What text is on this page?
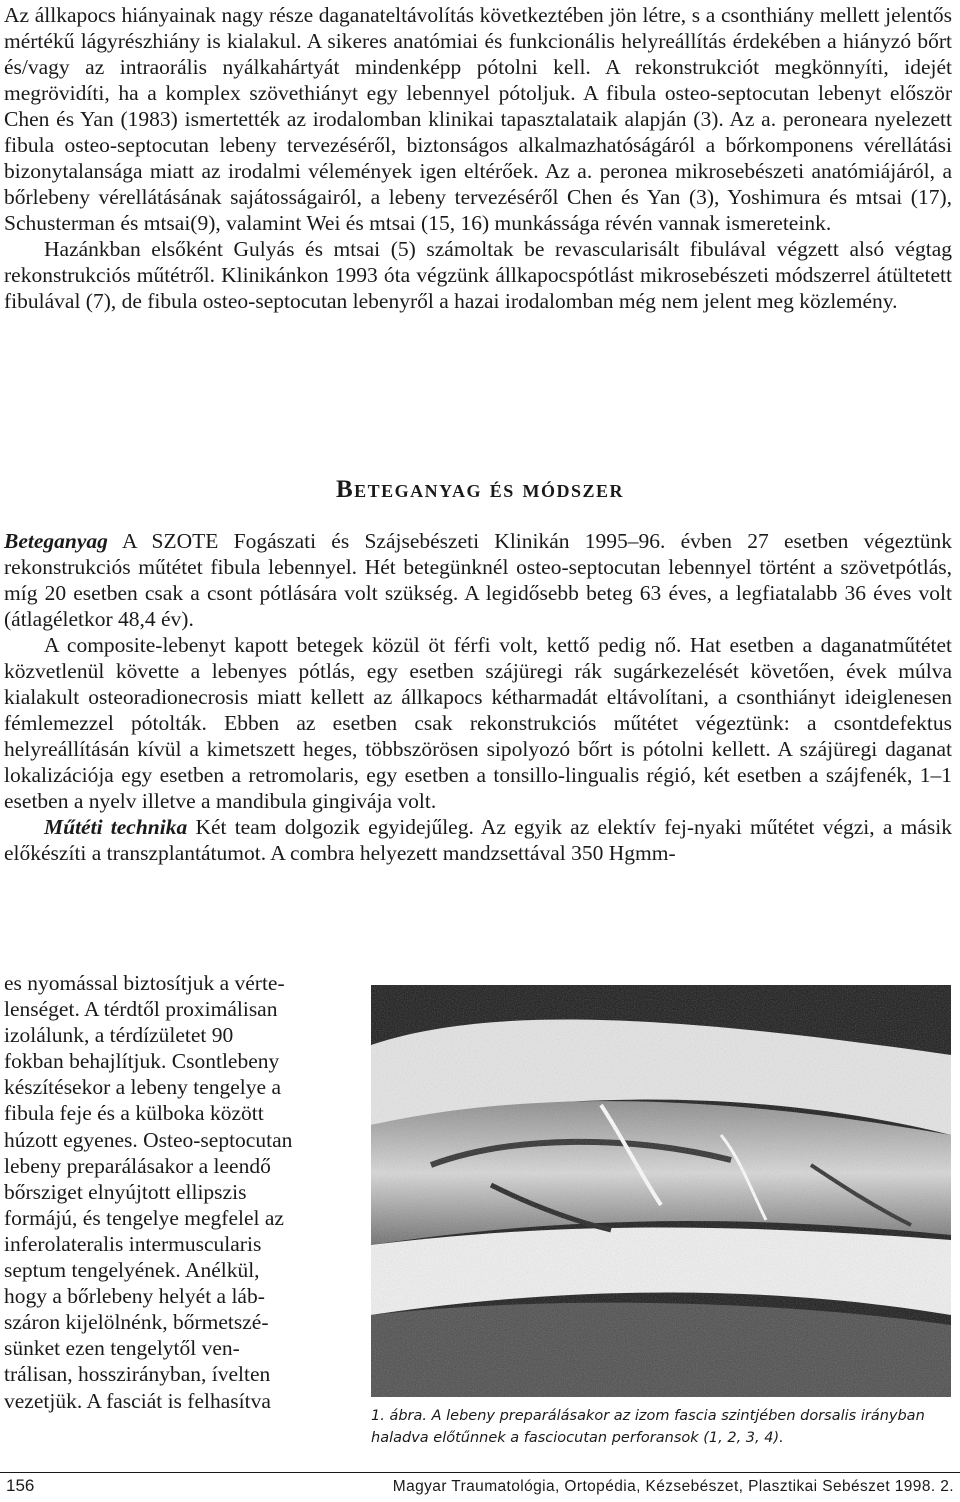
Az állkapocs hiányainak nagy része daganateltávolítás következtében jön létre, s a csonthiány mellett jelentős mértékű lágyrészhiány is kialakul. A sikeres anatómiai és funkcionális helyreállítás érdekében a hiányzó bőrt és/vagy az intraorális nyálkahártyát mindenképp pótolni kell. A rekonstrukciót megkönnyíti, idejét megrövidíti, ha a komplex szövethiányt egy lebennyel pótoljuk. A fibula osteo-septocutan lebenyt először Chen és Yan (1983) ismertették az irodalomban klinikai tapasztalataik alapján (3). Az a. peroneara nyelezett fibula osteo-septocutan lebeny tervezéséről, biztonságos alkalmazhatóságáról a bőrkomponens vérellátási bizonytalansága miatt az irodalmi vélemények igen eltérőek. Az a. peronea mikrosebészeti anatómiájáról, a bőrlebeny vérellátásának sajátosságairól, a lebeny tervezéséről Chen és Yan (3), Yoshimura és mtsai (17), Schusterman és mtsai(9), valamint Wei és mtsai (15, 16) munkássága révén vannak ismereteink.

Hazánkban elsőként Gulyás és mtsai (5) számoltak be revascularisált fibulával végzett alsó végtag rekonstrukciós műtétről. Klinikánkon 1993 óta végzünk állkapocspótlást mikrosebészeti módszerrel átültetett fibulával (7), de fibula osteo-septocutan lebenyről a hazai irodalomban még nem jelent meg közlemény.

BETEGANYAG ÉS MÓDSZER

Beteganyag A SZOTE Fogászati és Szájsebészeti Klinikán 1995–96. évben 27 esetben végeztünk rekonstrukciós műtétet fibula lebennyel. Hét betegünknél osteo-septocutan lebennyel történt a szövetpótlás, míg 20 esetben csak a csont pótlására volt szükség. A legidősebb beteg 63 éves, a legfiatalabb 36 éves volt (átlagéletkor 48,4 év).

A composite-lebenyt kapott betegek közül öt férfi volt, kettő pedig nő. Hat esetben a daganatműtétet közvetlenül követte a lebenyes pótlás, egy esetben szájüregi rák sugárkezelését követően, évek múlva kialakult osteoradionecrosis miatt kellett az állkapocs kétharmadát eltávolítani, a csonthiányt ideiglenesen fémlemezzel pótolták. Ebben az esetben csak rekonstrukciós műtétet végeztünk: a csontdefektus helyreállításán kívül a kimetszett heges, többszörösen sipolyozó bőrt is pótolni kellett. A szájüregi daganat lokalizációja egy esetben a retromolaris, egy esetben a tonsillo-lingualis régió, két esetben a szájfenék, 1–1 esetben a nyelv illetve a mandibula gingivája volt.

Műtéti technika Két team dolgozik egyidejűleg. Az egyik az elektív fej-nyaki műtétet végzi, a másik előkészíti a transzplantátumot. A combra helyezett mandzsettával 350 Hgmm-

es nyomással biztosítjuk a vérte-
lenséget. A térdtől proximálisan
izolálunk, a térdízületet 90
fokban behajlítjuk. Csontlebeny
készítésekor a lebeny tengelye a
fibula feje és a külboka között
húzott egyenes. Osteo-septocutan
lebeny preparálásakor a leendő
bőrsziget elnyújtott ellipszis
formájú, és tengelye megfelel az
inferolateralis intermuscularis
septum tengelyének. Anélkül,
hogy a bőrlebeny helyét a láb-
száron kijelölnénk, bőrmetszé-
sünket ezen tengelytől ven-
trálisan, hosszirányban, ívelten
vezetjük. A fasciát is felhasítva

1. ábra. A lebeny preparálásakor az izom fascia szintjében dorsalis irányban haladva előtűnnek a fasciocutan perforansok (1, 2, 3, 4).

156	Magyar Traumatológia, Ortopédia, Kézsebészet, Plasztikai Sebészet 1998. 2.
